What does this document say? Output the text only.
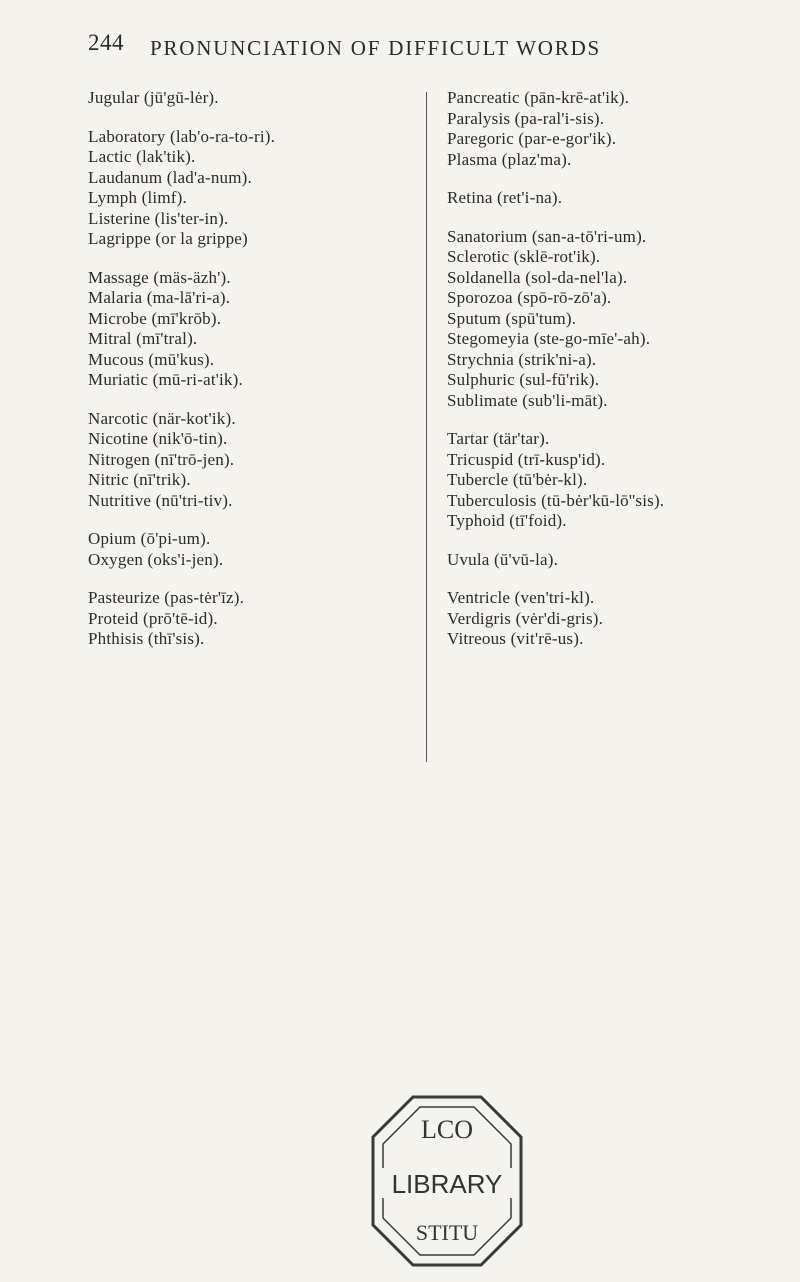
244 PRONUNCIATION OF DIFFICULT WORDS
Jugular (jū'gū-lėr).
Laboratory (lab'o-ra-to-ri).
Lactic (lak'tik).
Laudanum (lad'a-num).
Lymph (limf).
Listerine (lis'ter-in).
Lagrippe (or la grippe)
Massage (mäs-äzh').
Malaria (ma-lā'ri-a).
Microbe (mī'krōb).
Mitral (mī'tral).
Mucous (mū'kus).
Muriatic (mū-ri-at'ik).
Narcotic (när-kot'ik).
Nicotine (nik'ō-tin).
Nitrogen (nī'trō-jen).
Nitric (nī'trik).
Nutritive (nū'tri-tiv).
Opium (ō'pi-um).
Oxygen (oks'i-jen).
Pasteurize (pas-tėr'īz).
Proteid (prō'tē-id).
Phthisis (thī'sis).
Pancreatic (pān-krē-at'ik).
Paralysis (pa-ral'i-sis).
Paregoric (par-e-gor'ik).
Plasma (plaz'ma).
Retina (ret'i-na).
Sanatorium (san-a-tō'ri-um).
Sclerotic (sklē-rot'ik).
Soldanella (sol-da-nel'la).
Sporozoa (spō-rō-zō'a).
Sputum (spū'tum).
Stegomeyia (ste-go-mīe'-ah).
Strychnia (strik'ni-a).
Sulphuric (sul-fū'rik).
Sublimate (sub'li-māt).
Tartar (tär'tar).
Tricuspid (trī-kusp'id).
Tubercle (tū'bėr-kl).
Tuberculosis (tū-bėr'kū-lō''sis).
Typhoid (tī'foid).
Uvula (ū'vū-la).
Ventricle (ven'tri-kl).
Verdigris (vėr'di-gris).
Vitreous (vit'rē-us).
LCO
LIBRARY
STITU
